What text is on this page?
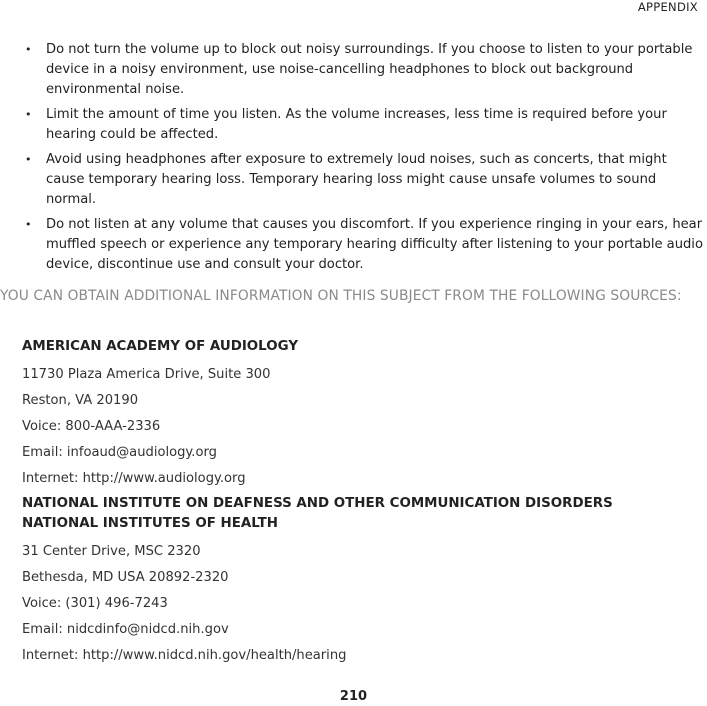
APPENDIX

• Do not turn the volume up to block out noisy surroundings. If you choose to listen to your portable device in a noisy environment, use noise-cancelling headphones to block out background environmental noise.
• Limit the amount of time you listen. As the volume increases, less time is required before your hearing could be affected.
• Avoid using headphones after exposure to extremely loud noises, such as concerts, that might cause temporary hearing loss. Temporary hearing loss might cause unsafe volumes to sound normal.
• Do not listen at any volume that causes you discomfort. If you experience ringing in your ears, hear muffled speech or experience any temporary hearing difficulty after listening to your portable audio device, discontinue use and consult your doctor.
YOU CAN OBTAIN ADDITIONAL INFORMATION ON THIS SUBJECT FROM THE FOLLOWING SOURCES:

AMERICAN ACADEMY OF AUDIOLOGY

11730 Plaza America Drive, Suite 300

Reston, VA 20190

Voice: 800-AAA-2336

Email: infoaud@audiology.org

Internet: http://www.audiology.org

NATIONAL INSTITUTE ON DEAFNESS AND OTHER COMMUNICATION DISORDERS NATIONAL INSTITUTES OF HEALTH

31 Center Drive, MSC 2320

Bethesda, MD USA 20892-2320

Voice: (301) 496-7243

Email: nidcdinfo@nidcd.nih.gov

Internet: http://www.nidcd.nih.gov/health/hearing

210
